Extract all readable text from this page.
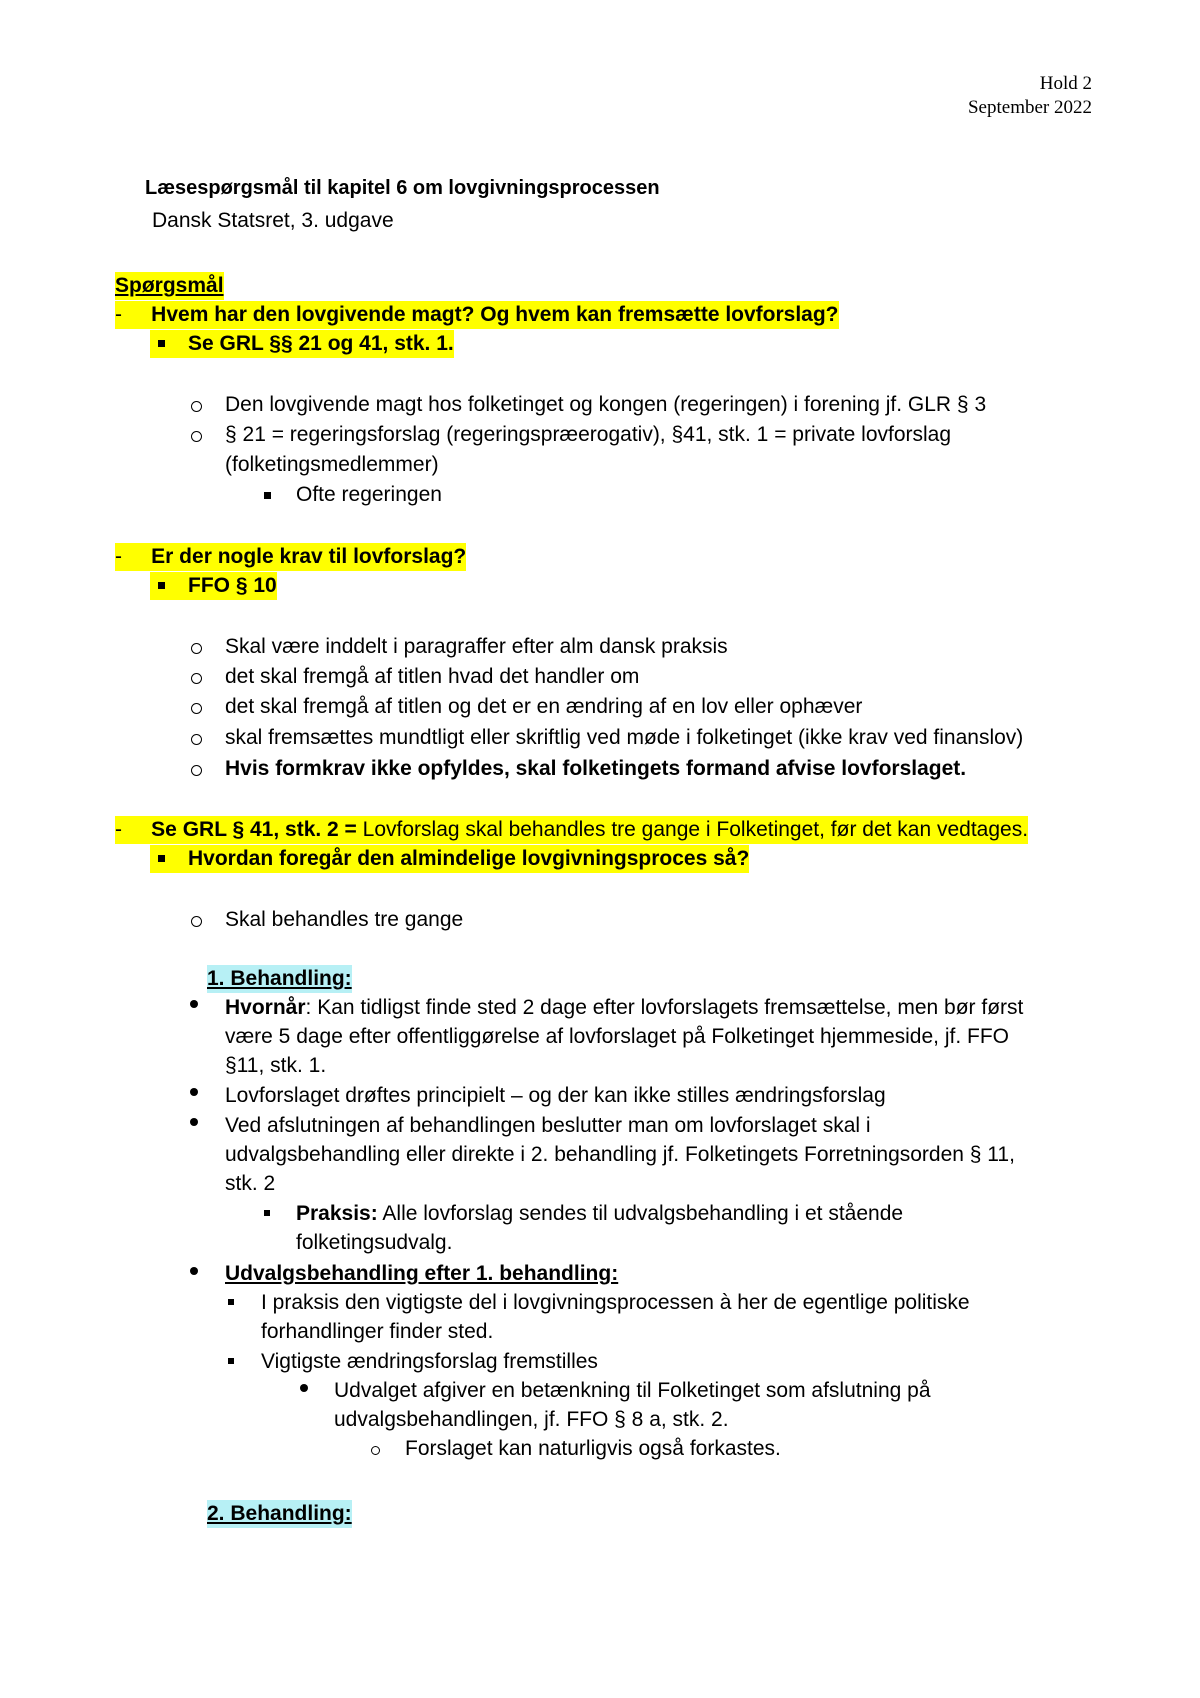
Hold 2
September 2022
Læsespørgsmål til kapitel 6 om lovgivningsprocessen
Dansk Statsret, 3. udgave
Spørgsmål
-     Hvem har den lovgivende magt? Og hvem kan fremsætte lovforslag?
Se GRL §§ 21 og 41, stk. 1.
Den lovgivende magt hos folketinget og kongen (regeringen) i forening jf. GLR § 3
§ 21 = regeringsforslag (regeringspræerogativ), §41, stk. 1 = private lovforslag
(folketingsmedlemmer)
Ofte regeringen
-     Er der nogle krav til lovforslag?
FFO § 10
Skal være inddelt i paragraffer efter alm dansk praksis
det skal fremgå af titlen hvad det handler om
det skal fremgå af titlen og det er en ændring af en lov eller ophæver
skal fremsættes mundtligt eller skriftlig ved møde i folketinget (ikke krav ved finanslov)
Hvis formkrav ikke opfyldes, skal folketingets formand afvise lovforslaget.
-     Se GRL § 41, stk. 2 = Lovforslag skal behandles tre gange i Folketinget, før det kan vedtages.
Hvordan foregår den almindelige lovgivningsproces så?
Skal behandles tre gange
1. Behandling:
Hvornår: Kan tidligst finde sted 2 dage efter lovforslagets fremsættelse, men bør først
være 5 dage efter offentliggørelse af lovforslaget på Folketinget hjemmeside, jf. FFO
§11, stk. 1.
Lovforslaget drøftes principielt – og der kan ikke stilles ændringsforslag
Ved afslutningen af behandlingen beslutter man om lovforslaget skal i
udvalgsbehandling eller direkte i 2. behandling jf. Folketingets Forretningsorden § 11,
stk. 2
Praksis: Alle lovforslag sendes til udvalgsbehandling i et stående
folketingsudvalg.
Udvalgsbehandling efter 1. behandling:
I praksis den vigtigste del i lovgivningsprocessen à her de egentlige politiske
forhandlinger finder sted.
Vigtigste ændringsforslag fremstilles
Udvalget afgiver en betænkning til Folketinget som afslutning på
udvalgsbehandlingen, jf. FFO § 8 a, stk. 2.
Forslaget kan naturligvis også forkastes.
2. Behandling:
